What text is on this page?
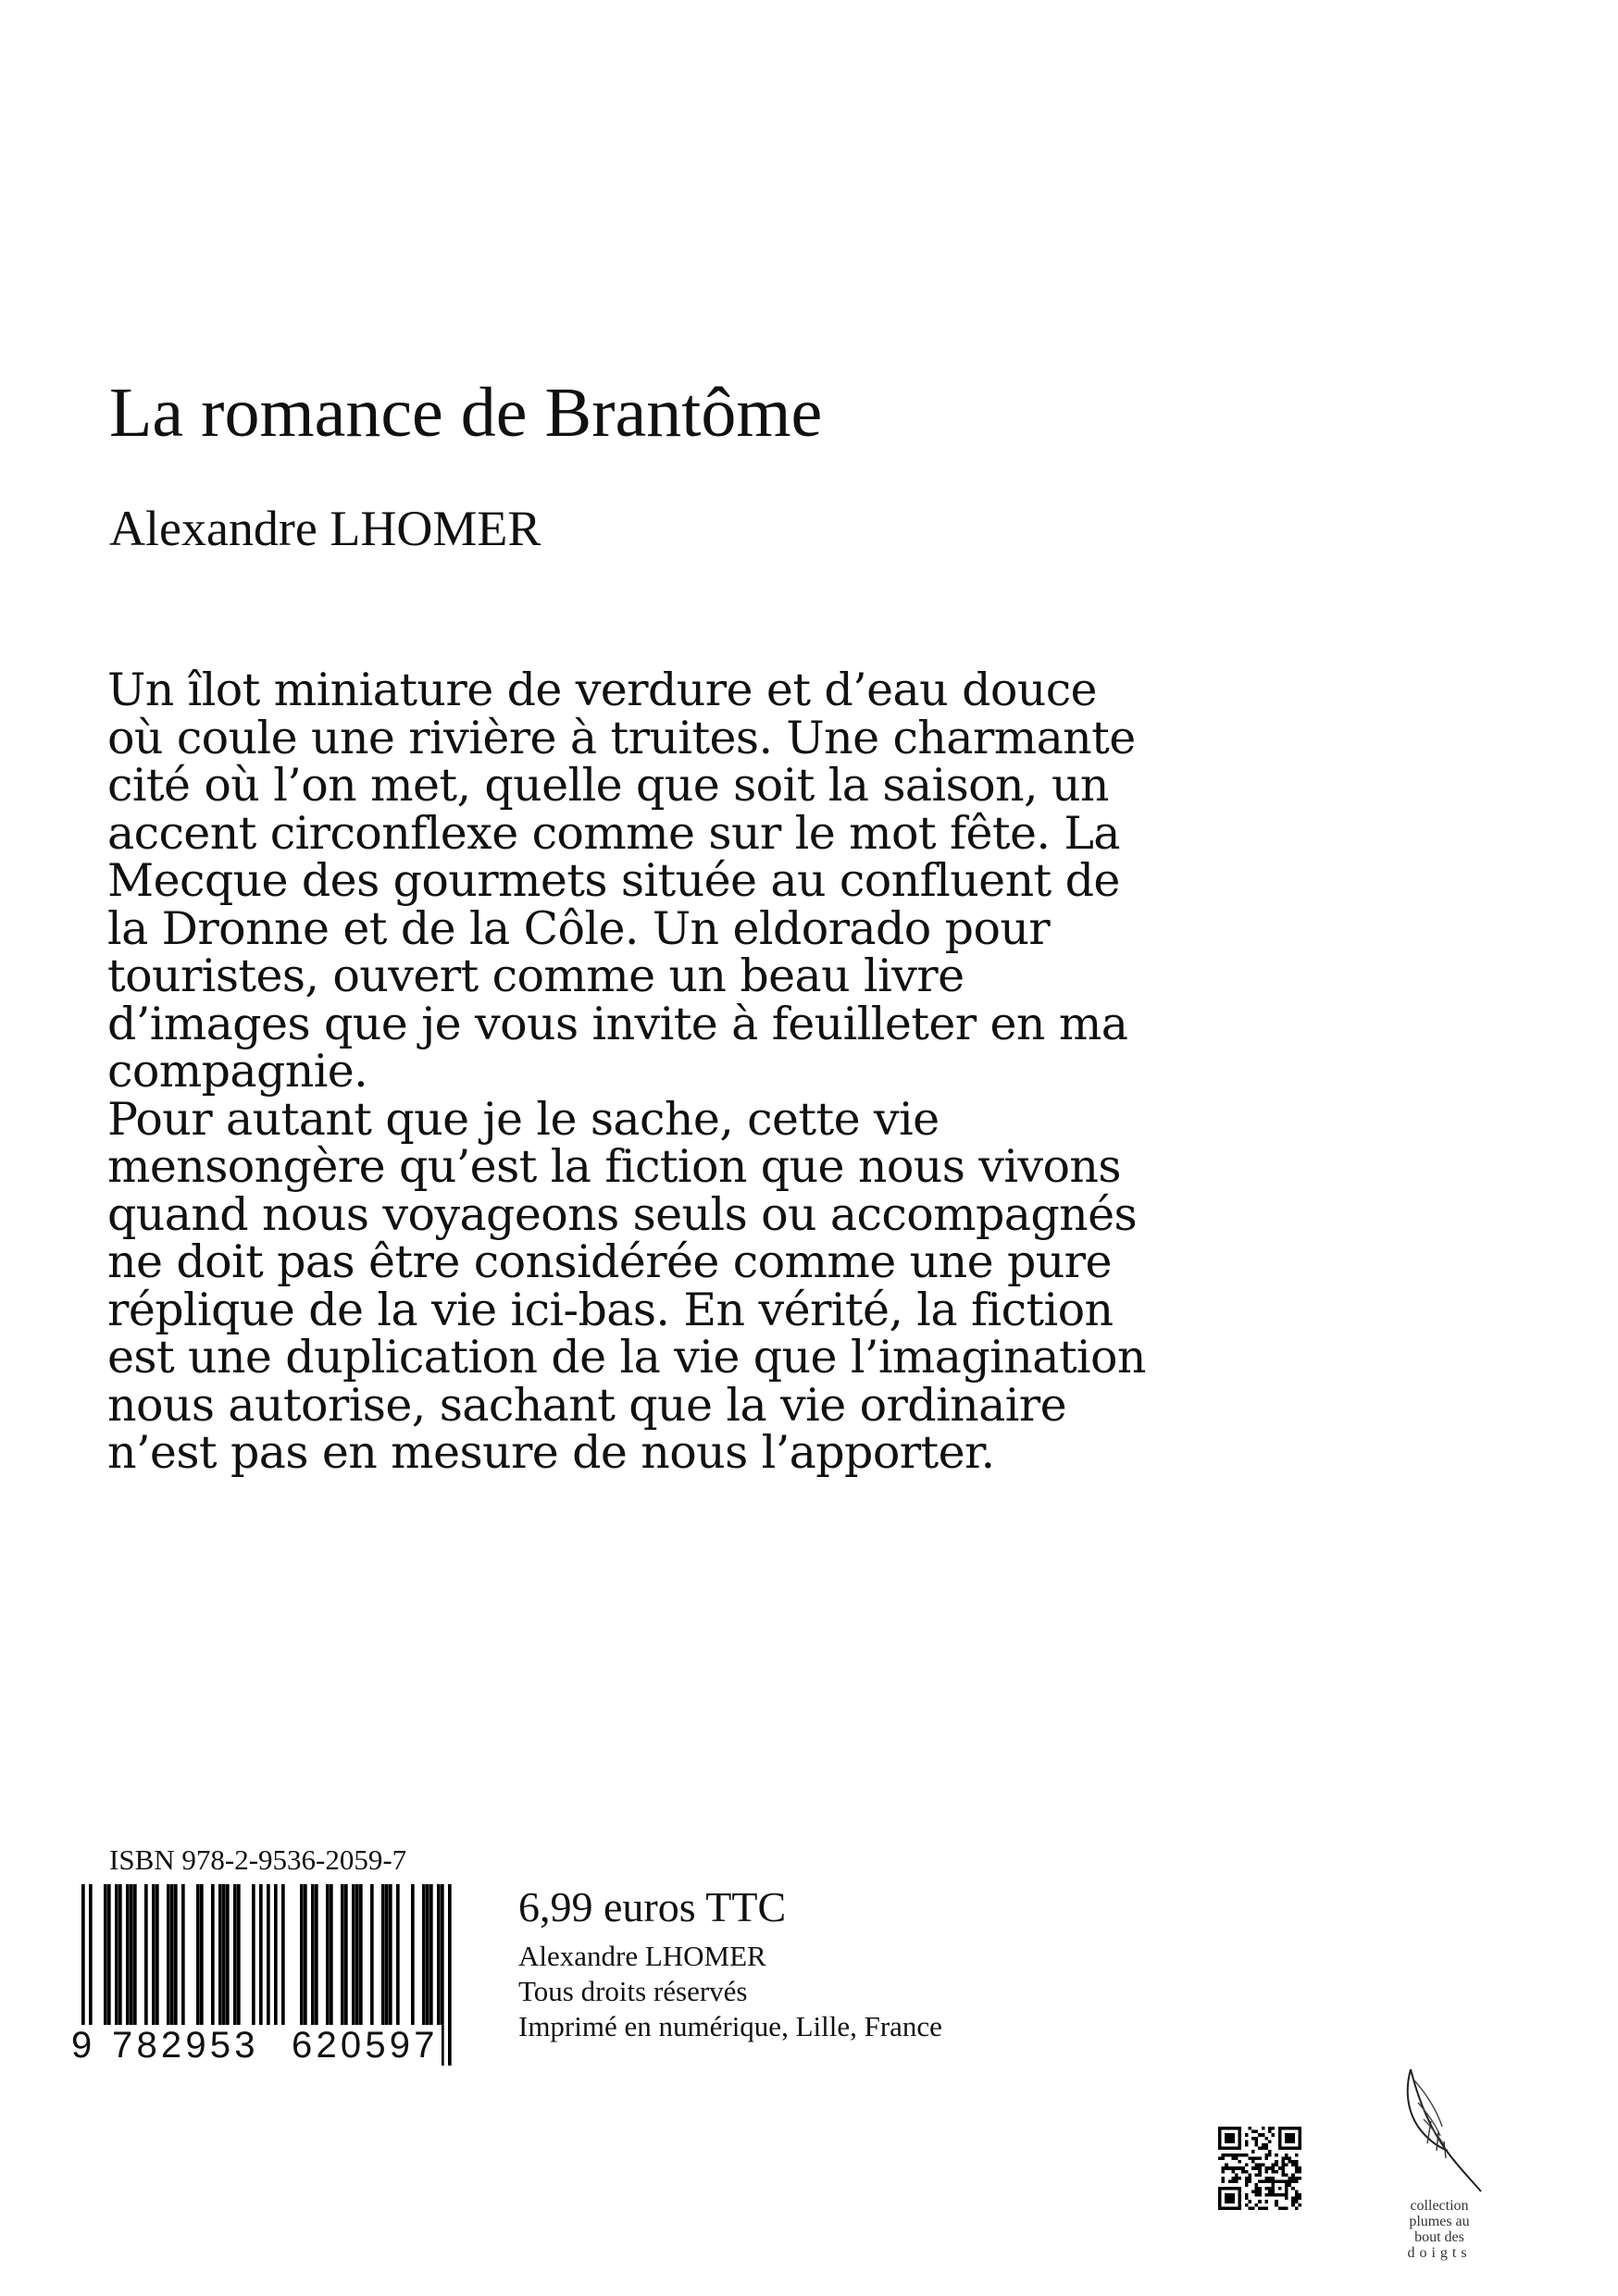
La romance de Brantôme
Alexandre LHOMER

Un îlot miniature de verdure et d’eau douce

où coule une rivière à truites. Une charmante

cité où l’on met, quelle que soit la saison, un

accent circonflexe comme sur le mot fête. La

Mecque des gourmets située au confluent de

la Dronne et de la Côle. Un eldorado pour

touristes, ouvert comme un beau livre

d’images que je vous invite à feuilleter en ma

compagnie.

Pour autant que je le sache, cette vie

mensongère qu’est la fiction que nous vivons

quand nous voyageons seuls ou accompagnés

ne doit pas être considérée comme une pure

réplique de la vie ici-bas. En vérité, la fiction

est une duplication de la vie que l’imagination

nous autorise, sachant que la vie ordinaire

n’est pas en mesure de nous l’apporter.

ISBN 978-2-9536-2059-7
9 782953 620597
6,99 euros TTC
Alexandre LHOMER
Tous droits réservés
Imprimé en numérique, Lille, France
collection
plumes au
bout des
doigts
